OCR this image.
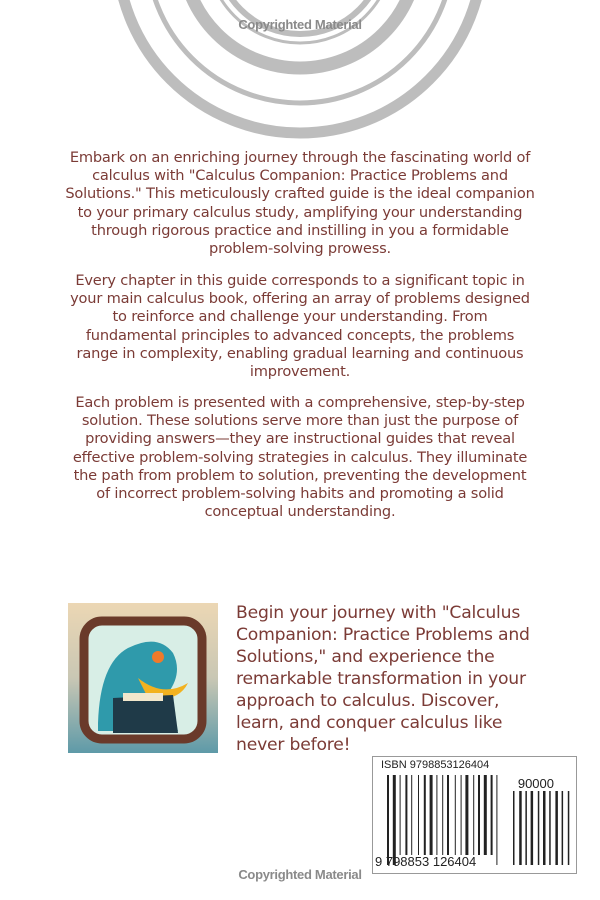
Copyrighted Material
Embark on an enriching journey through the fascinating world of
calculus with "Calculus Companion: Practice Problems and
Solutions." This meticulously crafted guide is the ideal companion
to your primary calculus study, amplifying your understanding
through rigorous practice and instilling in you a formidable
problem-solving prowess.
Every chapter in this guide corresponds to a significant topic in
your main calculus book, offering an array of problems designed
to reinforce and challenge your understanding. From
fundamental principles to advanced concepts, the problems
range in complexity, enabling gradual learning and continuous
improvement.
Each problem is presented with a comprehensive, step-by-step
solution. These solutions serve more than just the purpose of
providing answers—they are instructional guides that reveal
effective problem-solving strategies in calculus. They illuminate
the path from problem to solution, preventing the development
of incorrect problem-solving habits and promoting a solid
conceptual understanding.
Begin your journey with "Calculus
Companion: Practice Problems and
Solutions," and experience the
remarkable transformation in your
approach to calculus. Discover,
learn, and conquer calculus like
never before!
ISBN 9798853126404
90000
9 798853 126404
Copyrighted Material
